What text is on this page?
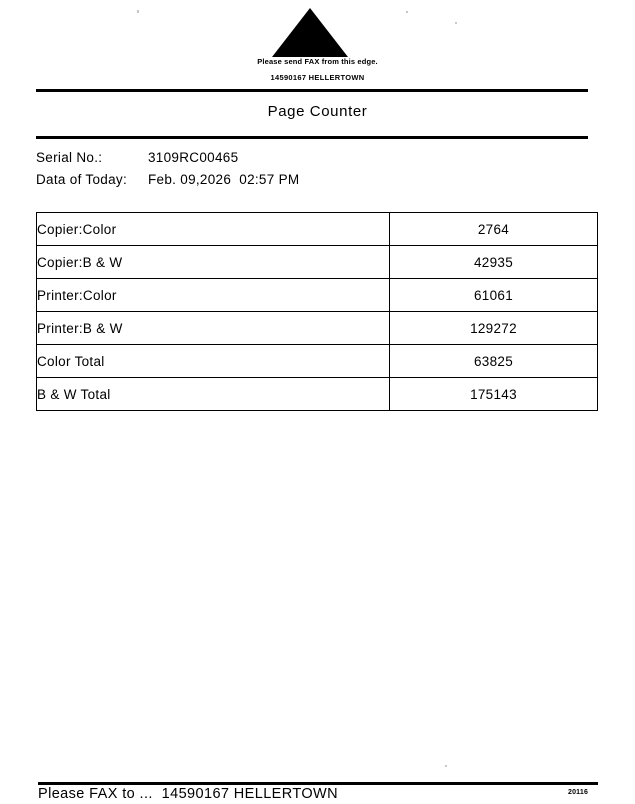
Please send FAX from this edge.
14590167 HELLERTOWN
Page Counter
Serial No.:	3109RC00465
Data of Today:	Feb. 09,2026  02:57 PM
Copier:Color	2764
Copier:B & W	42935
Printer:Color	61061
Printer:B & W	129272
Color Total	63825
B & W Total	175143
Please FAX to ...  14590167 HELLERTOWN	20116
